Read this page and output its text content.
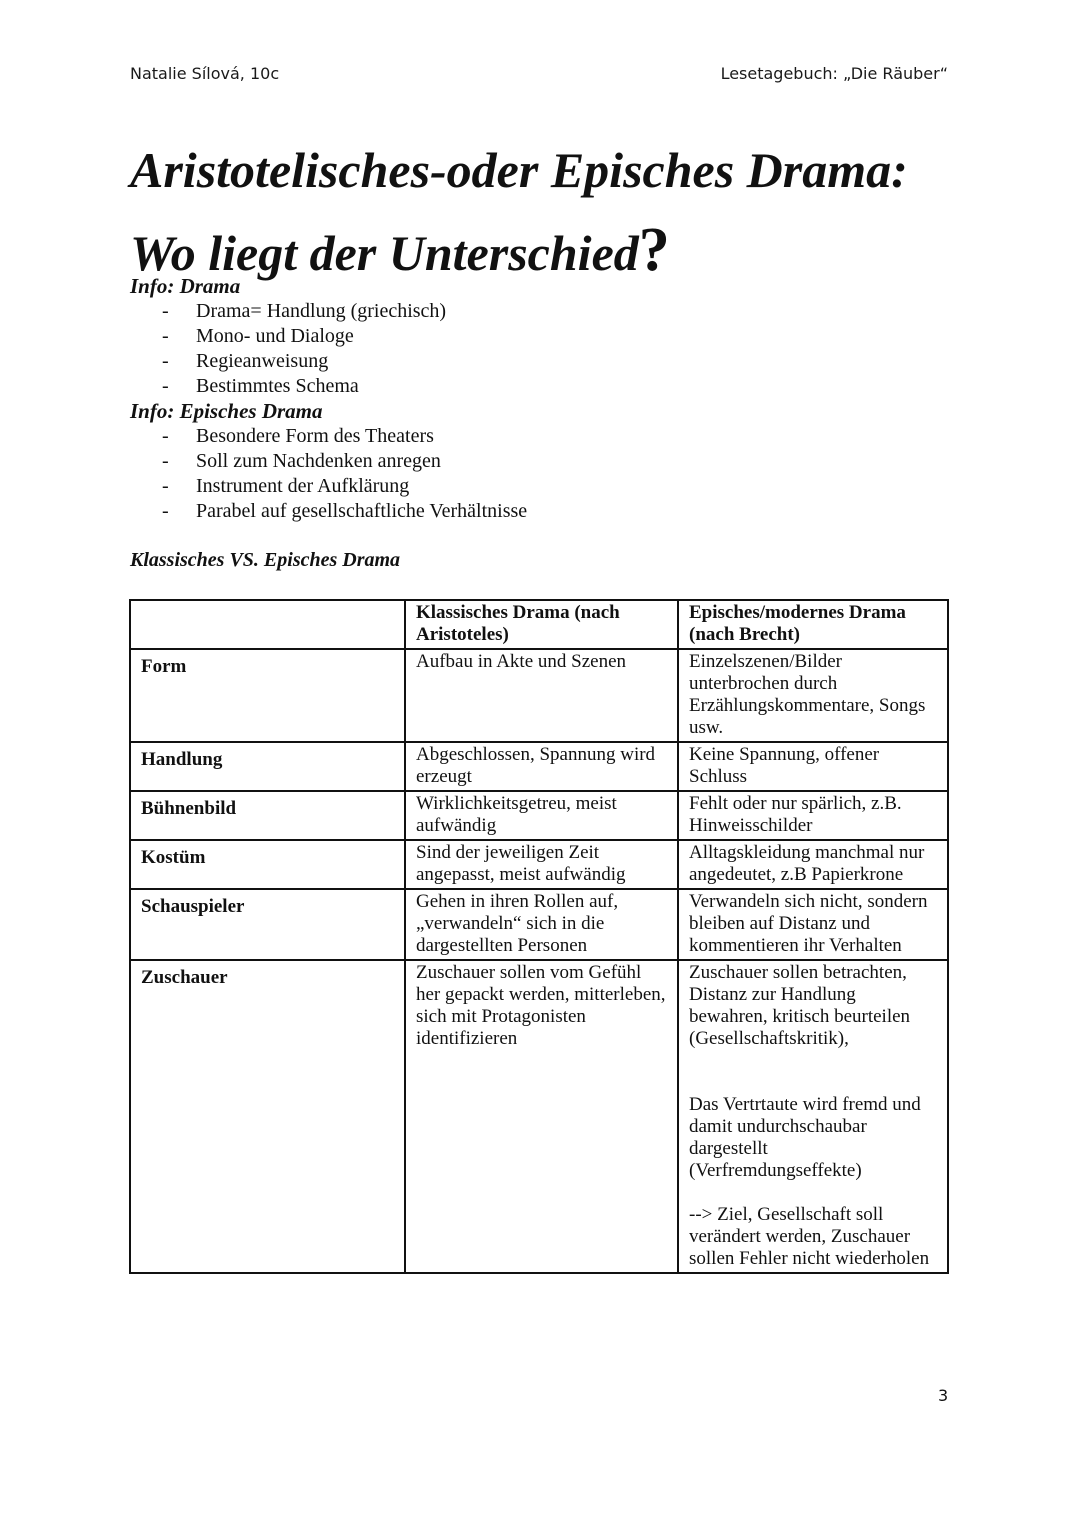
Natalie Sílová, 10c	Lesetagebuch: „Die Räuber“
Aristotelisches-oder Episches Drama:
Wo liegt der Unterschied?
Info: Drama
- Drama= Handlung (griechisch)
- Mono- und Dialoge
- Regieanweisung
- Bestimmtes Schema
Info: Episches Drama
- Besondere Form des Theaters
- Soll zum Nachdenken anregen
- Instrument der Aufklärung
- Parabel auf gesellschaftliche Verhältnisse
Klassisches VS. Episches Drama
	Klassisches Drama (nach Aristoteles)	Episches/modernes Drama (nach Brecht)
Form	Aufbau in Akte und Szenen	Einzelszenen/Bilder unterbrochen durch Erzählungskommentare, Songs usw.
Handlung	Abgeschlossen, Spannung wird erzeugt	Keine Spannung, offener Schluss
Bühnenbild	Wirklichkeitsgetreu, meist aufwändig	Fehlt oder nur spärlich, z.B. Hinweisschilder
Kostüm	Sind der jeweiligen Zeit angepasst, meist aufwändig	Alltagskleidung manchmal nur angedeutet, z.B Papierkrone
Schauspieler	Gehen in ihren Rollen auf, „verwandeln“ sich in die dargestellten Personen	Verwandeln sich nicht, sondern bleiben auf Distanz und kommentieren ihr Verhalten
Zuschauer	Zuschauer sollen vom Gefühl her gepackt werden, mitterleben, sich mit Protagonisten identifizieren	Zuschauer sollen betrachten, Distanz zur Handlung bewahren, kritisch beurteilen (Gesellschaftskritik),

Das Vertrtaute wird fremd und damit undurchschaubar dargestellt (Verfremdungseffekte)

--> Ziel, Gesellschaft soll verändert werden, Zuschauer sollen Fehler nicht wiederholen

3
